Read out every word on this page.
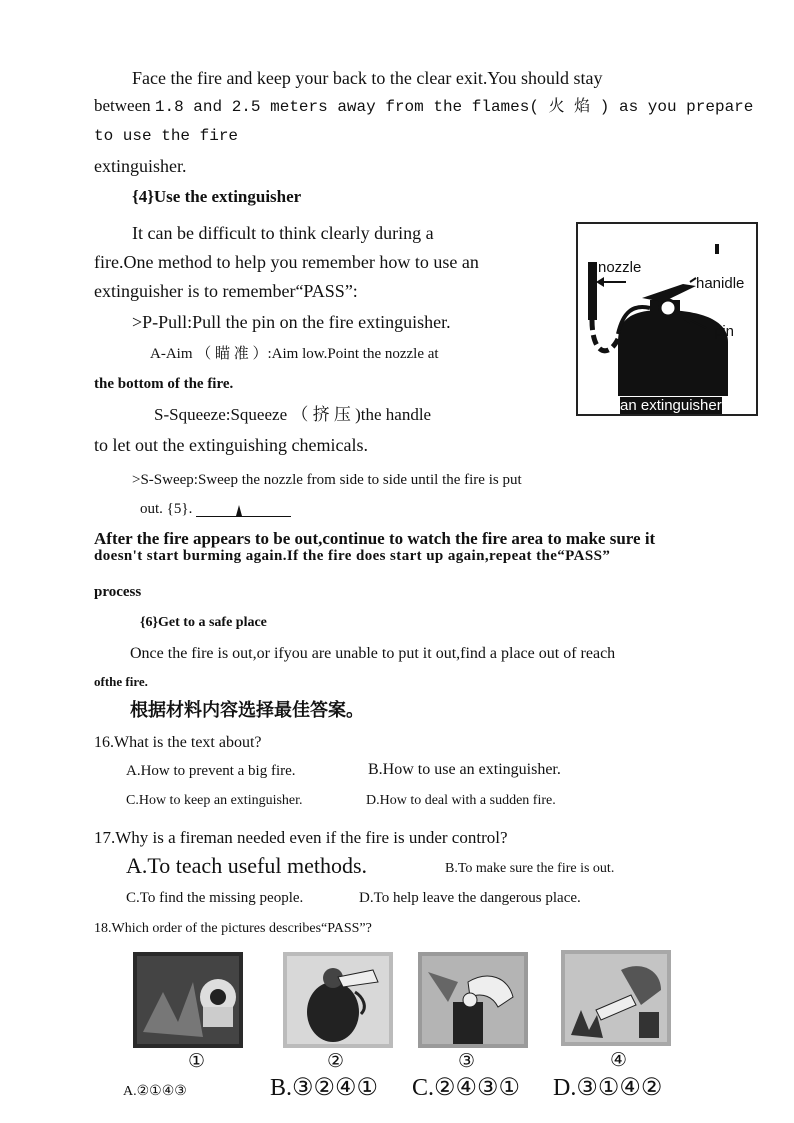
Face the fire and keep your back to the clear exit.You should stay
between 1.8 and 2.5 meters away from the flames( 火 焰 ) as you prepare
to use the fire
extinguisher.
{4}Use the extinguisher
It can be difficult to think clearly during a
fire.One method to help you remember how to use an
extinguisher is to remember“PASS”:
>P-Pull:Pull the pin on the fire extinguisher.
A-Aim （ 瞄 准 ）:Aim low.Point the nozzle at
the bottom of the fire.
S-Squeeze:Squeeze （ 挤 压 )the handle
to let out the extinguishing chemicals.
>S-Sweep:Sweep the nozzle from side to side until the fire is put
out. {5}.
After the fire appears to be out,continue to watch the fire area to make sure it
doesn't start burming again.If the fire does start up again,repeat the“PASS”
process
{6}Get to a safe place
Once the fire is out,or ifyou are unable to put it out,find a place out of reach
ofthe fire.
nozzle
hanidle
pin
an extinguisher
根据材料内容选择最佳答案。
16.What is the text about?
A.How to prevent a big fire.	B.How to use an extinguisher.
C.How to keep an extinguisher.	D.How to deal with a sudden fire.
17.Why is a fireman needed even if the fire is under control?
A.To teach useful methods.	B.To make sure the fire is out.
C.To find the missing people.	D.To help leave the dangerous place.
18.Which order of the pictures describes“PASS”?
①	②	③	④
A.②①④③	B.③②④① C.②④③① D.③①④②
